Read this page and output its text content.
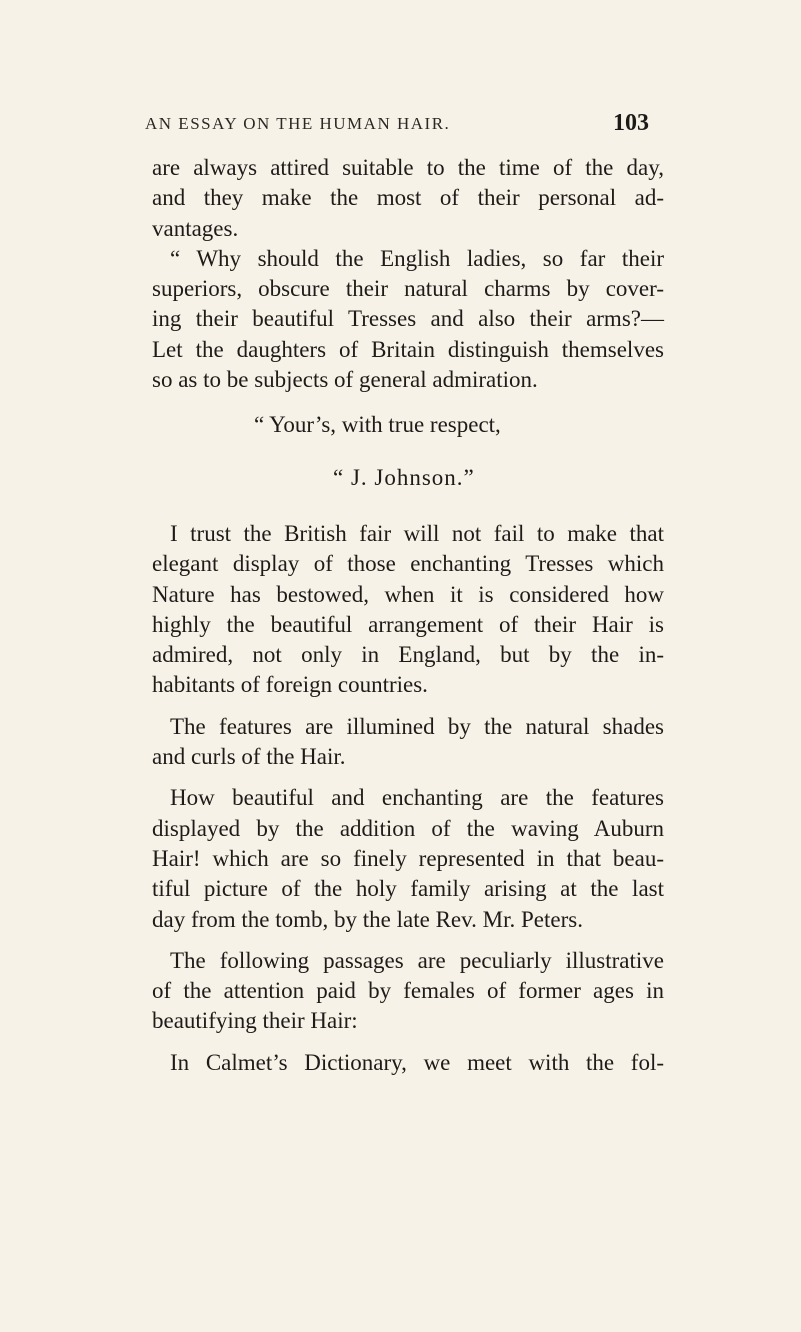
AN ESSAY ON THE HUMAN HAIR.	103
are always attired suitable to the time of the day,
and they make the most of their personal ad-
vantages.
“ Why should the English ladies, so far their
superiors, obscure their natural charms by cover-
ing their beautiful Tresses and also their arms?—
Let the daughters of Britain distinguish themselves
so as to be subjects of general admiration.
“ Your’s, with true respect,
“ J. Johnson.”
I trust the British fair will not fail to make that
elegant display of those enchanting Tresses which
Nature has bestowed, when it is considered how
highly the beautiful arrangement of their Hair is
admired, not only in England, but by the in-
habitants of foreign countries.
The features are illumined by the natural shades
and curls of the Hair.
How beautiful and enchanting are the features
displayed by the addition of the waving Auburn
Hair! which are so finely represented in that beau-
tiful picture of the holy family arising at the last
day from the tomb, by the late Rev. Mr. Peters.
The following passages are peculiarly illustrative
of the attention paid by females of former ages in
beautifying their Hair:
In Calmet’s Dictionary, we meet with the fol-
